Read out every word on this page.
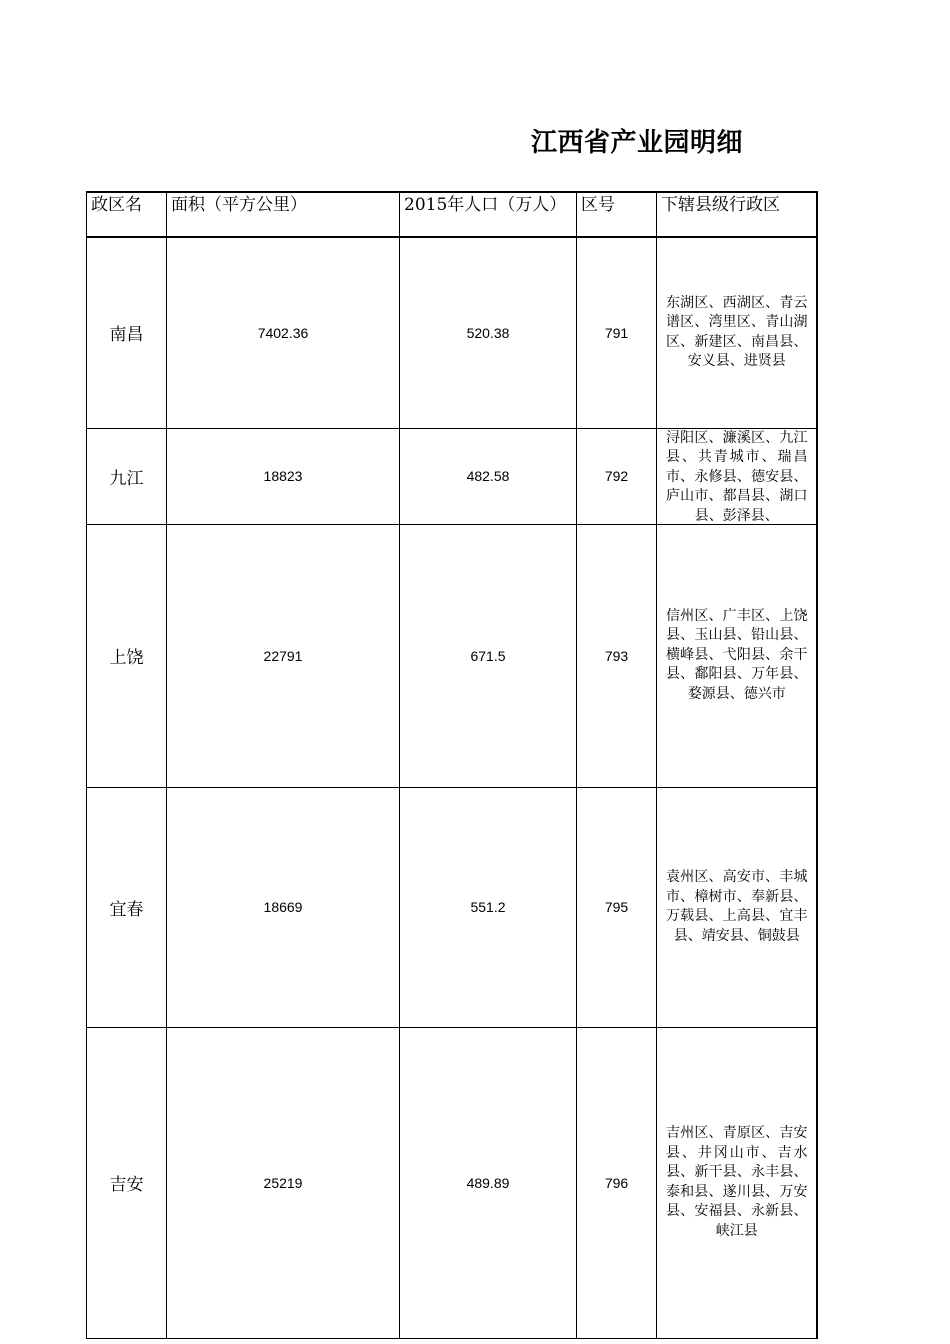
江西省产业园明细
政区名	面积（平方公里）	2015年人口（万人）	区号	下辖县级行政区
南昌	7402.36	520.38	791	东湖区、西湖区、青云谱区、湾里区、青山湖区、新建区、南昌县、安义县、进贤县

九江	18823	482.58	792	浔阳区、濂溪区、九江县、共青城市、瑞昌市、永修县、德安县、庐山市、都昌县、湖口县、彭泽县、

上饶	22791	671.5	793	信州区、广丰区、上饶县、玉山县、铅山县、横峰县、弋阳县、余干县、鄱阳县、万年县、婺源县、德兴市

宜春	18669	551.2	795	袁州区、高安市、丰城市、樟树市、奉新县、万载县、上高县、宜丰县、靖安县、铜鼓县

吉安	25219	489.89	796	吉州区、青原区、吉安县、井冈山市、吉水县、新干县、永丰县、泰和县、遂川县、万安县、安福县、永新县、峡江县
